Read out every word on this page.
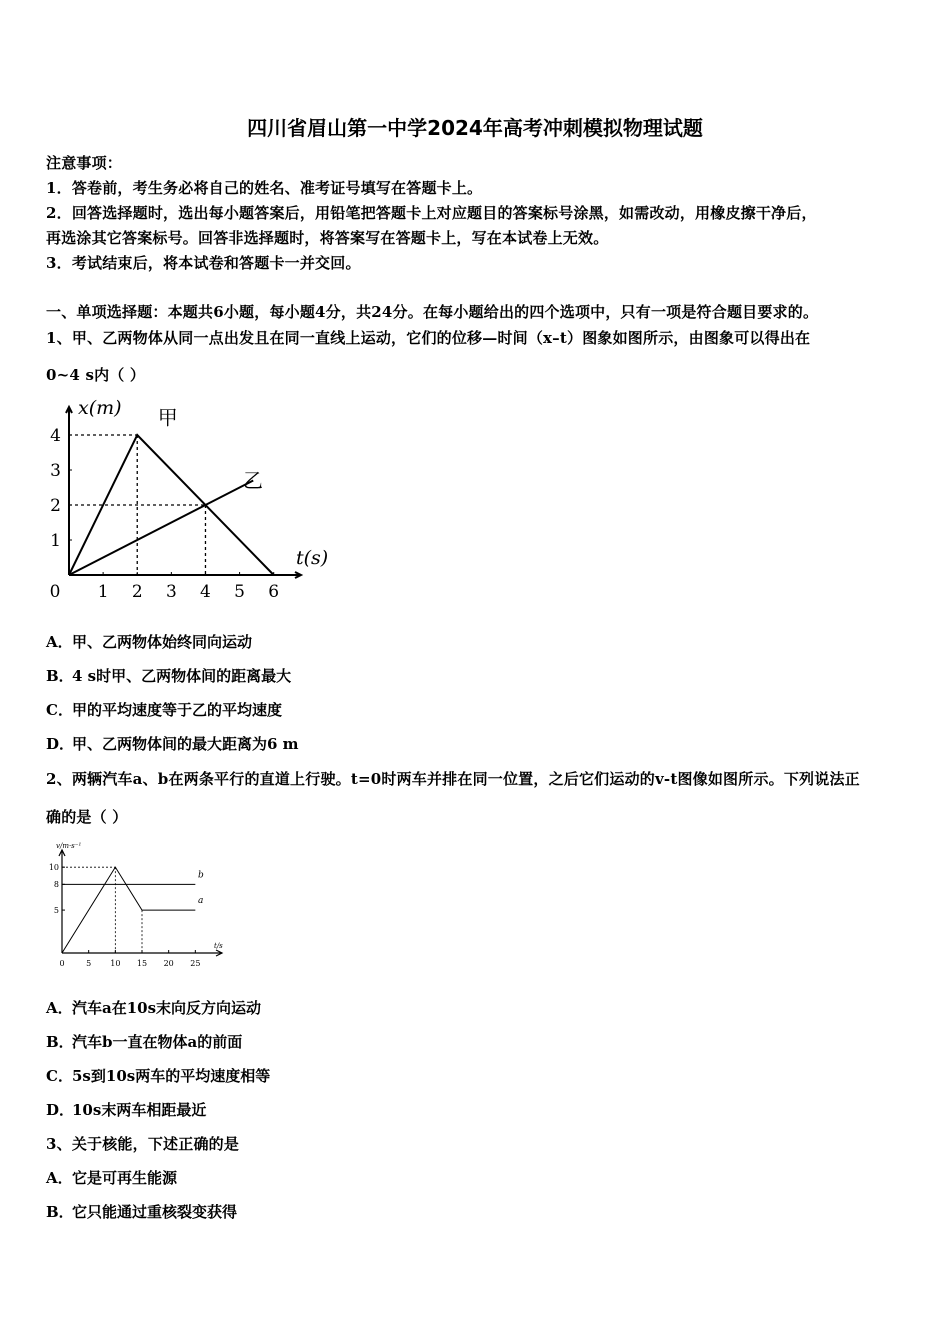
四川省眉山第一中学2024年高考冲刺模拟物理试题
注意事项：
1．答卷前，考生务必将自己的姓名、准考证号填写在答题卡上。
2．回答选择题时，选出每小题答案后，用铅笔把答题卡上对应题目的答案标号涂黑，如需改动，用橡皮擦干净后，
再选涂其它答案标号。回答非选择题时，将答案写在答题卡上，写在本试卷上无效。
3．考试结束后，将本试卷和答题卡一并交回。
一、单项选择题：本题共6小题，每小题4分，共24分。在每小题给出的四个选项中，只有一项是符合题目要求的。
1、甲、乙两物体从同一点出发且在同一直线上运动，它们的位移—时间（x–t）图象如图所示，由图象可以得出在
0~4 s内（ ）
甲
乙
0 1 2 3 4 5 6
1
2
3
4
x(m)
t(s)
A．甲、乙两物体始终同向运动
B．4 s时甲、乙两物体间的距离最大
C．甲的平均速度等于乙的平均速度
D．甲、乙两物体间的最大距离为6 m
2、两辆汽车a、b在两条平行的直道上行驶。t=0时两车并排在同一位置，之后它们运动的v-t图像如图所示。下列说法正
确的是（ ）
a
b
0	5 10 15 20 25
5
8
10
v/m·s⁻¹
t/s
A．汽车a在10s末向反方向运动
B．汽车b一直在物体a的前面
C．5s到10s两车的平均速度相等
D．10s末两车相距最近
3、关于核能，下述正确的是
A．它是可再生能源
B．它只能通过重核裂变获得
